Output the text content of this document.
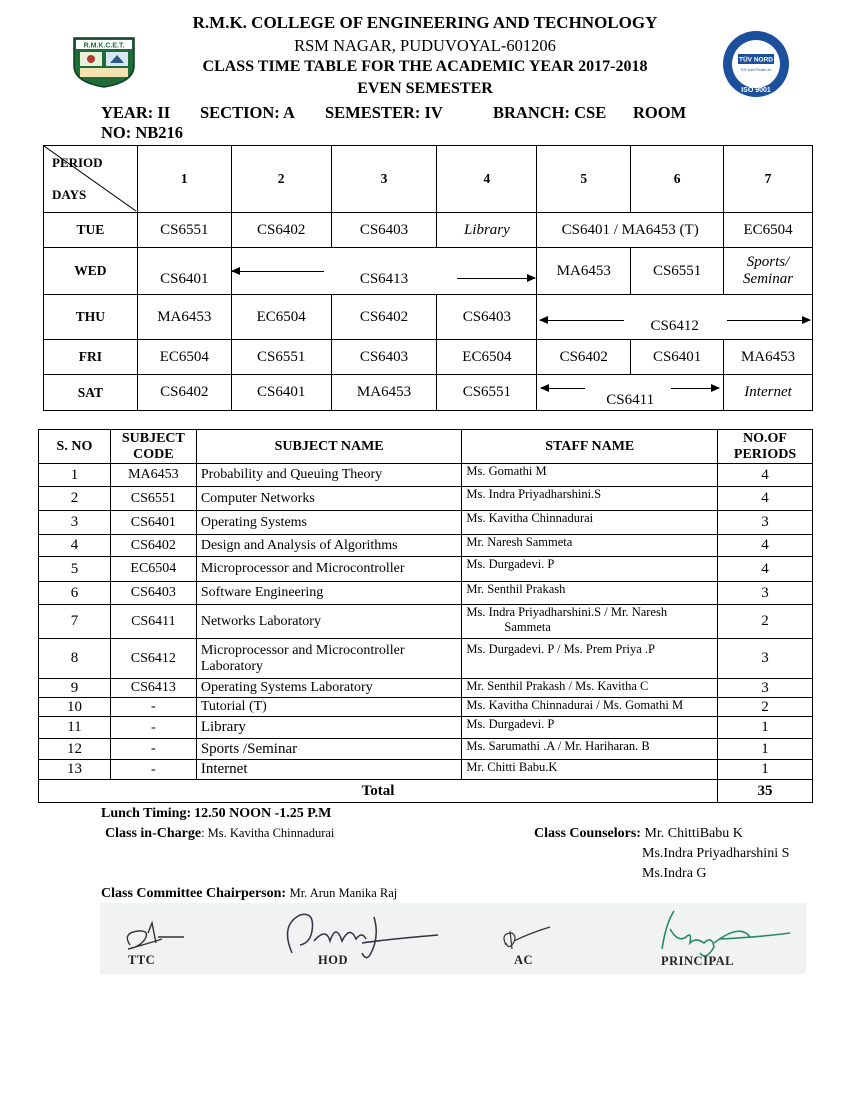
R.M.K.C.E.T.
TÜV NORD
TÜV India Private Ltd.
ISO 9001
R.M.K. COLLEGE OF ENGINEERING AND TECHNOLOGY
RSM NAGAR, PUDUVOYAL-601206
CLASS TIME TABLE FOR THE ACADEMIC YEAR 2017-2018
EVEN SEMESTER
YEAR: II SECTION: A SEMESTER: IV	BRANCH: CSE ROOM
NO: NB216
PERIOD
DAYS	1	2	3	4	5	6	7
TUE	CS6551	CS6402	CS6403	Library	CS6401 / MA6453 (T)		EC6504
WED	CS6401	CS6413			MA6453	CS6551	Sports/
Seminar
THU	MA6453	EC6504	CS6402	CS6403	CS6412		
FRI	EC6504	CS6551	CS6403	EC6504	CS6402	CS6401	MA6453
SAT	CS6402	CS6401	MA6453	CS6551	CS6411		Internet
S. NO	SUBJECT
CODE	SUBJECT NAME	STAFF NAME	NO.OF
PERIODS
1	MA6453	Probability and Queuing Theory	Ms. Gomathi M	4
2	CS6551	Computer Networks	Ms. Indra Priyadharshini.S	4
3	CS6401	Operating Systems	Ms. Kavitha Chinnadurai	3
4	CS6402	Design and Analysis of Algorithms	Mr. Naresh Sammeta	4
5	EC6504	Microprocessor and Microcontroller	Ms. Durgadevi. P	4
6	CS6403	Software Engineering	Mr. Senthil Prakash	3
7	CS6411	Networks Laboratory	Ms. Indra Priyadharshini.S / Mr. Naresh
Sammeta	2
8	CS6412	Microprocessor and Microcontroller
Laboratory	Ms. Durgadevi. P / Ms. Prem Priya .P	3
9	CS6413	Operating Systems Laboratory	Mr. Senthil Prakash / Ms. Kavitha C	3
10	-	Tutorial (T)	Ms. Kavitha Chinnadurai / Ms. Gomathi M	2
11	-	Library	Ms. Durgadevi. P	1
12	-	Sports /Seminar	Ms. Sarumathi .A / Mr. Hariharan. B	1
13	-	Internet	Mr. Chitti Babu.K	1
Total				35
Lunch Timing: 12.50 NOON -1.25 P.M
Class in-Charge: Ms. Kavitha Chinnadurai	Class Counselors: Mr. ChittiBabu K
Ms.Indra Priyadharshini S
Ms.Indra G
Class Committee Chairperson: Mr. Arun Manika Raj
TTC	HOD	AC	PRINCIPAL
